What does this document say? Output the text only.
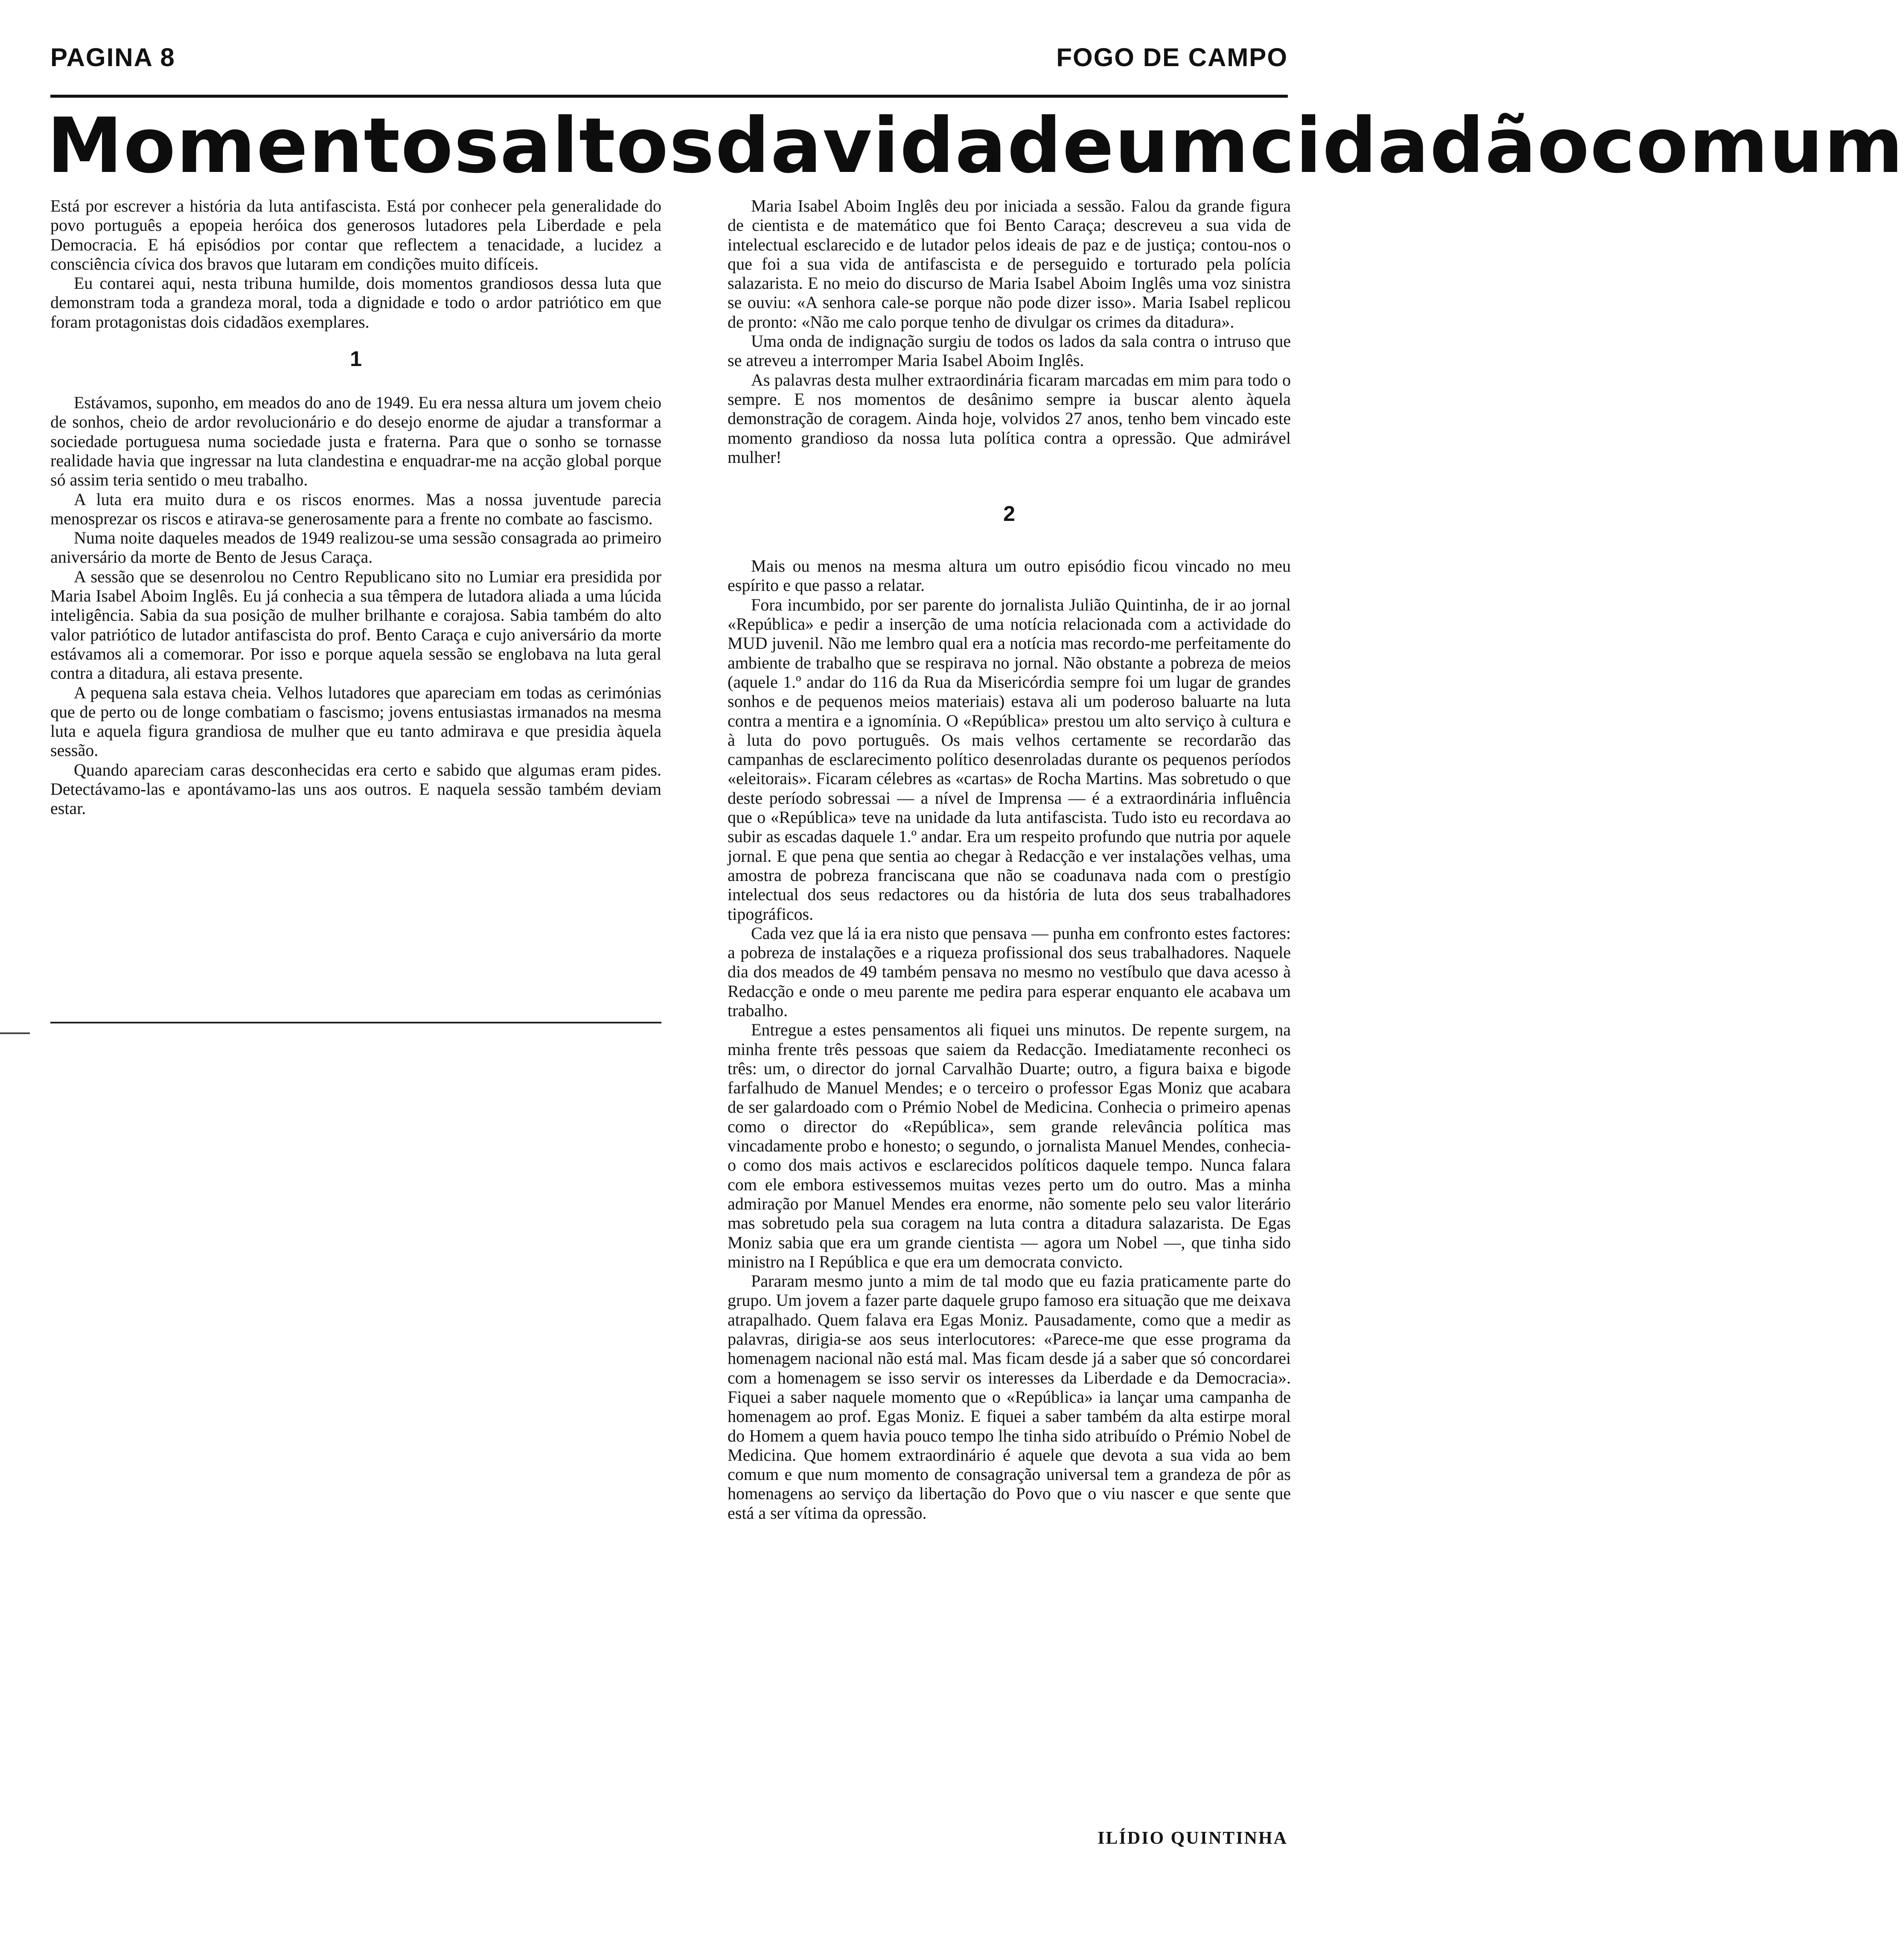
PAGINA 8	FOGO DE CAMPO
Momentos altos da vida de um cidadão comum

Está por escrever a história da luta antifascista. Está por conhecer pela generalidade do povo português a epopeia heróica dos generosos lutadores pela Liberdade e pela Democracia. E há episódios por contar que reflectem a tenacidade, a lucidez a consciência cívica dos bravos que lutaram em condições muito difíceis.

Eu contarei aqui, nesta tribuna humilde, dois momentos grandiosos dessa luta que demonstram toda a grandeza moral, toda a dignidade e todo o ardor patriótico em que foram protagonistas dois cidadãos exemplares.

1

Estávamos, suponho, em meados do ano de 1949. Eu era nessa altura um jovem cheio de sonhos, cheio de ardor revolucionário e do desejo enorme de ajudar a transformar a sociedade portuguesa numa sociedade justa e fraterna. Para que o sonho se tornasse realidade havia que ingressar na luta clandestina e enquadrar-me na acção global porque só assim teria sentido o meu trabalho.

A luta era muito dura e os riscos enormes. Mas a nossa juventude parecia menosprezar os riscos e atirava-se generosamente para a frente no combate ao fascismo.

Numa noite daqueles meados de 1949 realizou-se uma sessão consagrada ao primeiro aniversário da morte de Bento de Jesus Caraça.

A sessão que se desenrolou no Centro Republicano sito no Lumiar era presidida por Maria Isabel Aboim Inglês. Eu já conhecia a sua têmpera de lutadora aliada a uma lúcida inteligência. Sabia da sua posição de mulher brilhante e corajosa. Sabia também do alto valor patriótico de lutador antifascista do prof. Bento Caraça e cujo aniversário da morte estávamos ali a comemorar. Por isso e porque aquela sessão se englobava na luta geral contra a ditadura, ali estava presente.

A pequena sala estava cheia. Velhos lutadores que apareciam em todas as cerimónias que de perto ou de longe combatiam o fascismo; jovens entusiastas irmanados na mesma luta e aquela figura grandiosa de mulher que eu tanto admirava e que presidia àquela sessão.

Quando apareciam caras desconhecidas era certo e sabido que algumas eram pides. Detectávamo-las e apontávamo-las uns aos outros. E naquela sessão também deviam estar.

Maria Isabel Aboim Inglês deu por iniciada a sessão. Falou da grande figura de cientista e de matemático que foi Bento Caraça; descreveu a sua vida de intelectual esclarecido e de lutador pelos ideais de paz e de justiça; contou-nos o que foi a sua vida de antifascista e de perseguido e torturado pela polícia salazarista. E no meio do discurso de Maria Isabel Aboim Inglês uma voz sinistra se ouviu: «A senhora cale-se porque não pode dizer isso». Maria Isabel replicou de pronto: «Não me calo porque tenho de divulgar os crimes da ditadura».

Uma onda de indignação surgiu de todos os lados da sala contra o intruso que se atreveu a interromper Maria Isabel Aboim Inglês.

As palavras desta mulher extraordinária ficaram marcadas em mim para todo o sempre. E nos momentos de desânimo sempre ia buscar alento àquela demonstração de coragem. Ainda hoje, volvidos 27 anos, tenho bem vincado este momento grandioso da nossa luta política contra a opressão. Que admirável mulher!

2

Mais ou menos na mesma altura um outro episódio ficou vincado no meu espírito e que passo a relatar.

Fora incumbido, por ser parente do jornalista Julião Quintinha, de ir ao jornal «República» e pedir a inserção de uma notícia relacionada com a actividade do MUD juvenil. Não me lembro qual era a notícia mas recordo-me perfeitamente do ambiente de trabalho que se respirava no jornal. Não obstante a pobreza de meios (aquele 1.º andar do 116 da Rua da Misericórdia sempre foi um lugar de grandes sonhos e de pequenos meios materiais) estava ali um poderoso baluarte na luta contra a mentira e a ignomínia. O «República» prestou um alto serviço à cultura e à luta do povo português. Os mais velhos certamente se recordarão das campanhas de esclarecimento político desenroladas durante os pequenos períodos «eleitorais». Ficaram célebres as «cartas» de Rocha Martins. Mas sobretudo o que deste período sobressai — a nível de Imprensa — é a extraordinária influência que o «República» teve na unidade da luta antifascista. Tudo isto eu recordava ao subir as escadas daquele 1.º andar. Era um respeito profundo que nutria por aquele jornal. E que pena que sentia ao chegar à Redacção e ver instalações velhas, uma amostra de pobreza franciscana que não se coadunava nada com o prestígio intelectual dos seus redactores ou da história de luta dos seus trabalhadores tipográficos.

Cada vez que lá ia era nisto que pensava — punha em confronto estes factores: a pobreza de instalações e a riqueza profissional dos seus trabalhadores. Naquele dia dos meados de 49 também pensava no mesmo no vestíbulo que dava acesso à Redacção e onde o meu parente me pedira para esperar enquanto ele acabava um trabalho.

Entregue a estes pensamentos ali fiquei uns minutos. De repente surgem, na minha frente três pessoas que saiem da Redacção. Imediatamente reconheci os três: um, o director do jornal Carvalhão Duarte; outro, a figura baixa e bigode farfalhudo de Manuel Mendes; e o terceiro o professor Egas Moniz que acabara de ser galardoado com o Prémio Nobel de Medicina. Conhecia o primeiro apenas como o director do «República», sem grande relevância política mas vincadamente probo e honesto; o segundo, o jornalista Manuel Mendes, conhecia-o como dos mais activos e esclarecidos políticos daquele tempo. Nunca falara com ele embora estivessemos muitas vezes perto um do outro. Mas a minha admiração por Manuel Mendes era enorme, não somente pelo seu valor literário mas sobretudo pela sua coragem na luta contra a ditadura salazarista. De Egas Moniz sabia que era um grande cientista — agora um Nobel —, que tinha sido ministro na I República e que era um democrata convicto.

Pararam mesmo junto a mim de tal modo que eu fazia praticamente parte do grupo. Um jovem a fazer parte daquele grupo famoso era situação que me deixava atrapalhado. Quem falava era Egas Moniz. Pausadamente, como que a medir as palavras, dirigia-se aos seus interlocutores: «Parece-me que esse programa da homenagem nacional não está mal. Mas ficam desde já a saber que só concordarei com a homenagem se isso servir os interesses da Liberdade e da Democracia». Fiquei a saber naquele momento que o «República» ia lançar uma campanha de homenagem ao prof. Egas Moniz. E fiquei a saber também da alta estirpe moral do Homem a quem havia pouco tempo lhe tinha sido atribuído o Prémio Nobel de Medicina. Que homem extraordinário é aquele que devota a sua vida ao bem comum e que num momento de consagração universal tem a grandeza de pôr as homenagens ao serviço da libertação do Povo que o viu nascer e que sente que está a ser vítima da opressão.

ILÍDIO QUINTINHA
